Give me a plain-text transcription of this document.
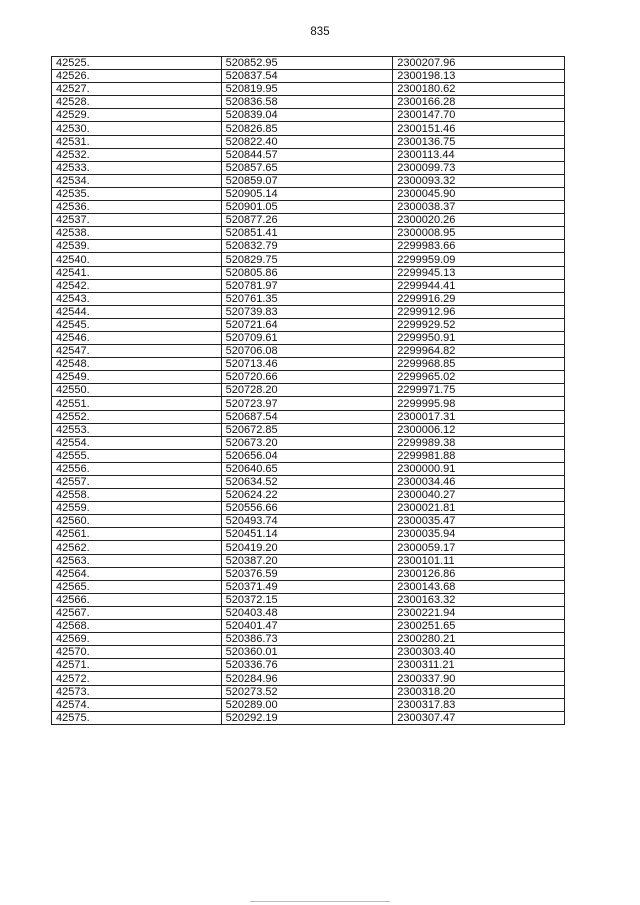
835
42525.	520852.95	2300207.96
42526.	520837.54	2300198.13
42527.	520819.95	2300180.62
42528.	520836.58	2300166.28
42529.	520839.04	2300147.70
42530.	520826.85	2300151.46
42531.	520822.40	2300136.75
42532.	520844.57	2300113.44
42533.	520857.65	2300099.73
42534.	520859.07	2300093.32
42535.	520905.14	2300045.90
42536.	520901.05	2300038.37
42537.	520877.26	2300020.26
42538.	520851.41	2300008.95
42539.	520832.79	2299983.66
42540.	520829.75	2299959.09
42541.	520805.86	2299945.13
42542.	520781.97	2299944.41
42543.	520761.35	2299916.29
42544.	520739.83	2299912.96
42545.	520721.64	2299929.52
42546.	520709.61	2299950.91
42547.	520706.08	2299964.82
42548.	520713.46	2299968.85
42549.	520720.66	2299965.02
42550.	520728.20	2299971.75
42551.	520723.97	2299995.98
42552.	520687.54	2300017.31
42553.	520672.85	2300006.12
42554.	520673.20	2299989.38
42555.	520656.04	2299981.88
42556.	520640.65	2300000.91
42557.	520634.52	2300034.46
42558.	520624.22	2300040.27
42559.	520556.66	2300021.81
42560.	520493.74	2300035.47
42561.	520451.14	2300035.94
42562.	520419.20	2300059.17
42563.	520387.20	2300101.11
42564.	520376.59	2300126.86
42565.	520371.49	2300143.68
42566.	520372.15	2300163.32
42567.	520403.48	2300221.94
42568.	520401.47	2300251.65
42569.	520386.73	2300280.21
42570.	520360.01	2300303.40
42571.	520336.76	2300311.21
42572.	520284.96	2300337.90
42573.	520273.52	2300318.20
42574.	520289.00	2300317.83
42575.	520292.19	2300307.47
